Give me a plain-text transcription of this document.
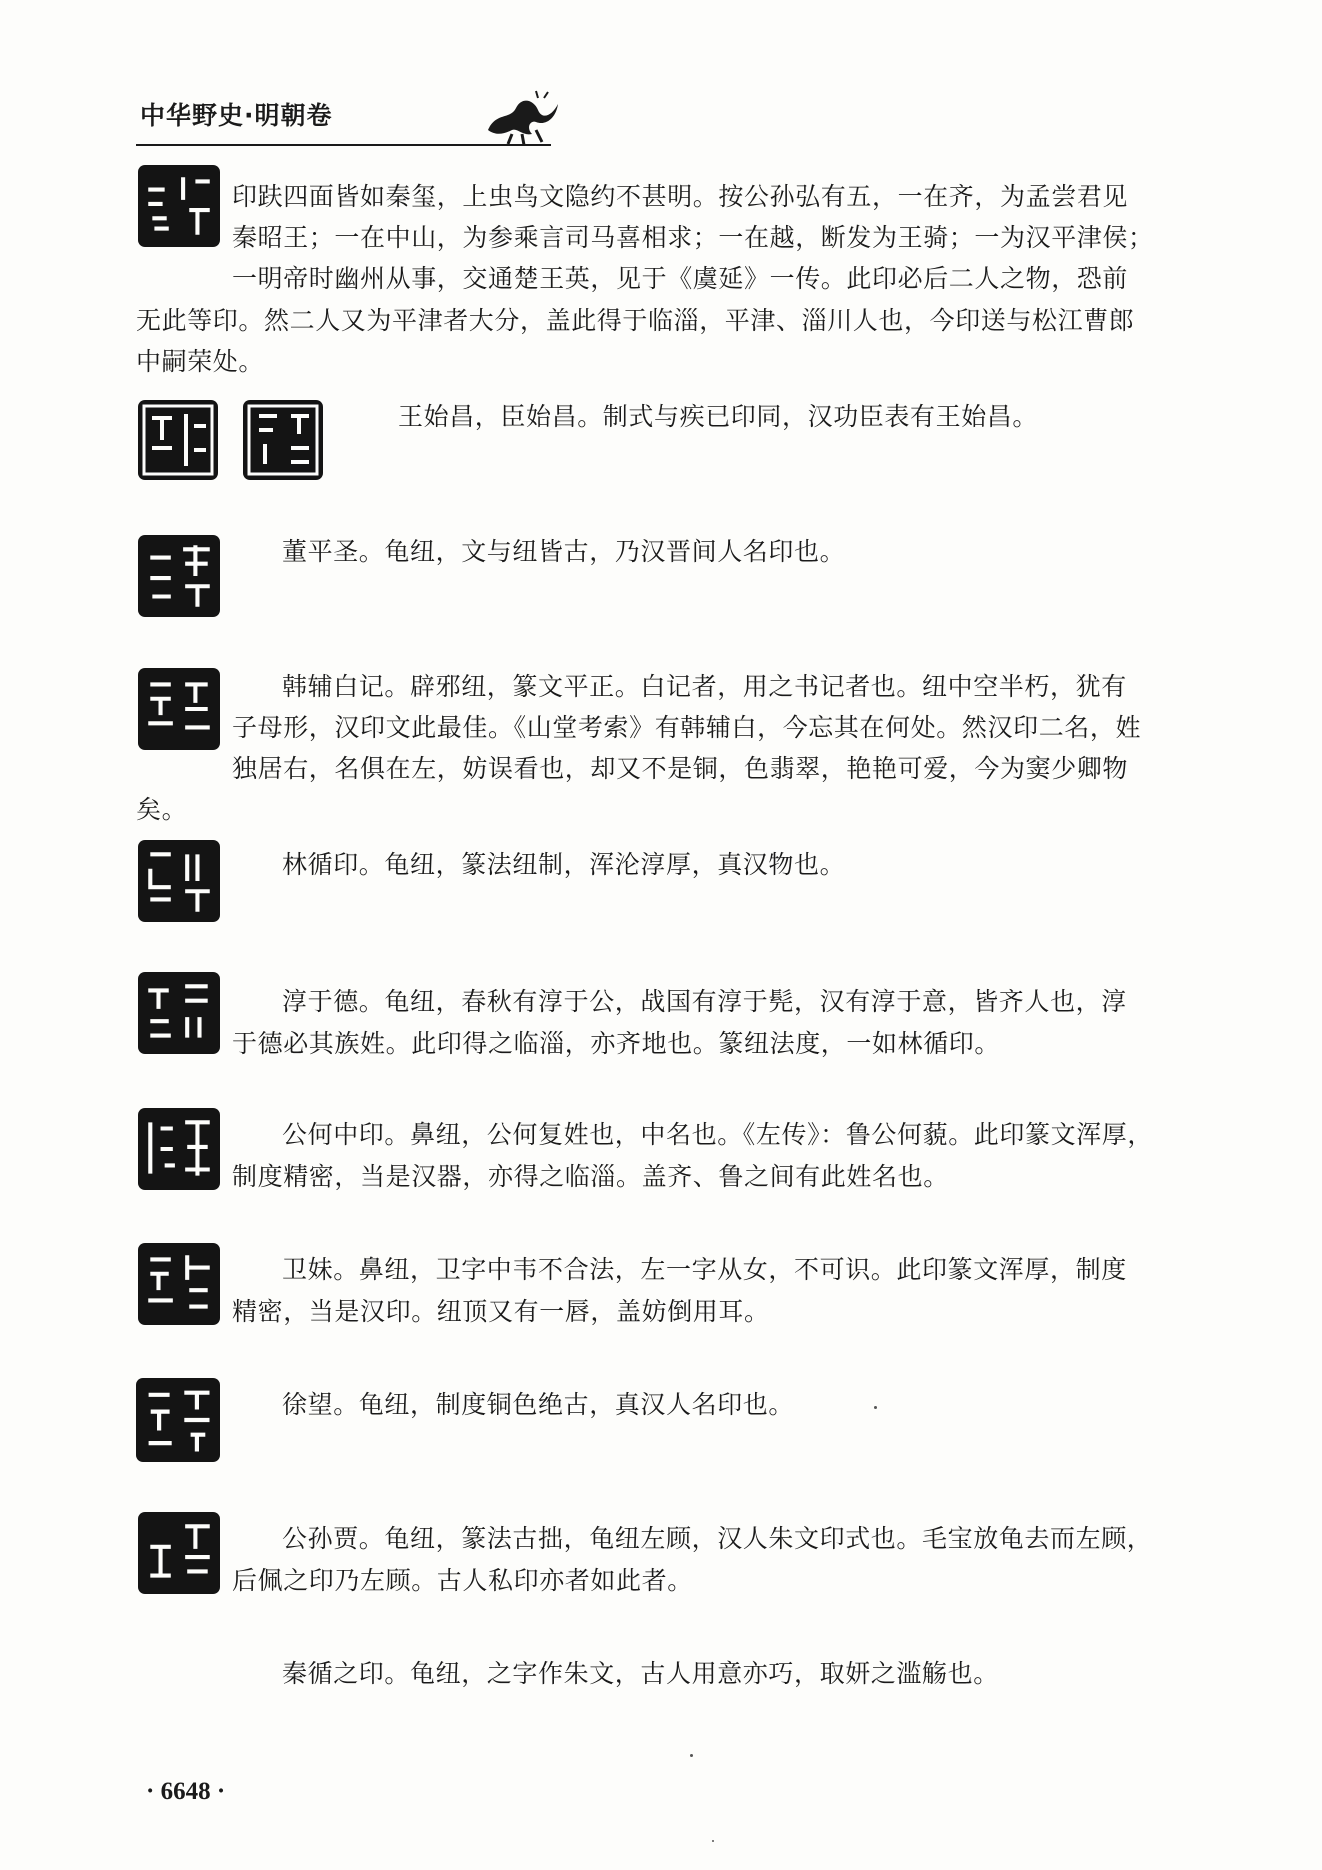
中华野史·明朝卷
印趺四面皆如秦玺，上虫鸟文隐约不甚明。按公孙弘有五，一在齐，为孟尝君见
秦昭王；一在中山，为参乘言司马喜相求；一在越，断发为王骑；一为汉平津侯；
一明帝时幽州从事，交通楚王英，见于《虞延》一传。此印必后二人之物，恐前
无此等印。然二人又为平津者大分，盖此得于临淄，平津、淄川人也，今印送与松江曹郎
中嗣荣处。
王始昌，臣始昌。制式与疾已印同，汉功臣表有王始昌。
董平圣。龟纽，文与纽皆古，乃汉晋间人名印也。
韩辅白记。辟邪纽，篆文平正。白记者，用之书记者也。纽中空半朽，犹有
子母形，汉印文此最佳。《山堂考索》有韩辅白，今忘其在何处。然汉印二名，姓
独居右，名俱在左，妨误看也，却又不是铜，色翡翠，艳艳可爱，今为窦少卿物
矣。
林循印。龟纽，篆法纽制，浑沦淳厚，真汉物也。
淳于德。龟纽，春秋有淳于公，战国有淳于髡，汉有淳于意，皆齐人也，淳
于德必其族姓。此印得之临淄，亦齐地也。篆纽法度，一如林循印。
公何中印。鼻纽，公何复姓也，中名也。《左传》：鲁公何藐。此印篆文浑厚，
制度精密，当是汉器，亦得之临淄。盖齐、鲁之间有此姓名也。
卫妹。鼻纽，卫字中韦不合法，左一字从女，不可识。此印篆文浑厚，制度
精密，当是汉印。纽顶又有一唇，盖妨倒用耳。
徐望。龟纽，制度铜色绝古，真汉人名印也。
公孙贾。龟纽，篆法古拙，龟纽左顾，汉人朱文印式也。毛宝放龟去而左顾，
后佩之印乃左顾。古人私印亦者如此者。
秦循之印。龟纽，之字作朱文，古人用意亦巧，取妍之滥觞也。
· 6648 ·
